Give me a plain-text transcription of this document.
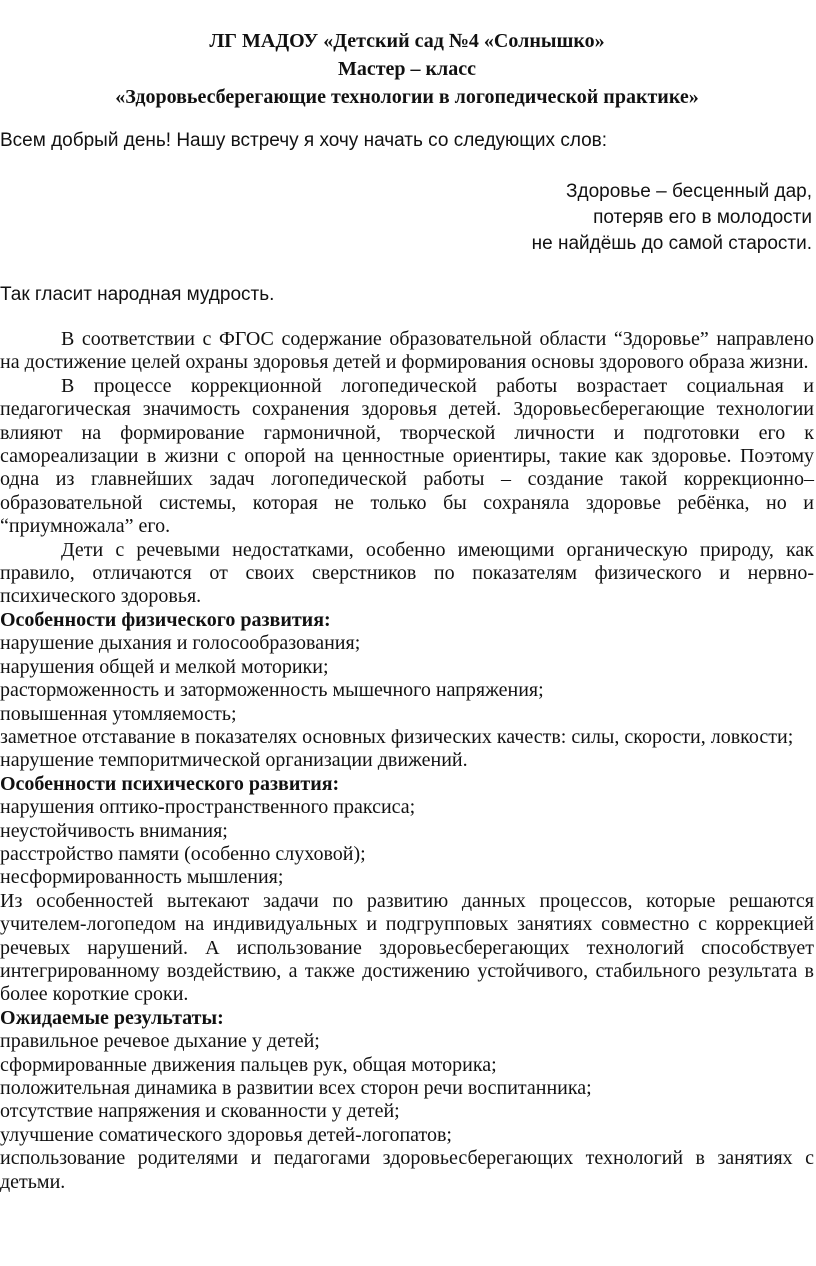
ЛГ МАДОУ «Детский сад №4 «Солнышко»
Мастер – класс
«Здоровьесберегающие технологии в логопедической практике»
Всем добрый день! Нашу встречу я хочу начать со следующих слов:
Здоровье – бесценный дар,
потеряв его в молодости
не найдёшь до самой старости.
Так гласит народная мудрость.

В соответствии с ФГОС содержание образовательной области “Здоровье” направлено на достижение целей охраны здоровья детей и формирования основы здорового образа жизни.

В процессе коррекционной логопедической работы возрастает социальная и педагогическая значимость сохранения здоровья детей. Здоровьесберегающие технологии влияют на формирование гармоничной, творческой личности и подготовки его к самореализации в жизни с опорой на ценностные ориентиры, такие как здоровье. Поэтому одна из главнейших задач логопедической работы – создание такой коррекционно–образовательной системы, которая не только бы сохраняла здоровье ребёнка, но и “приумножала” его.

Дети с речевыми недостатками, особенно имеющими органическую природу, как правило, отличаются от своих сверстников по показателям физического и нервно-психического здоровья.

Особенности физического развития:

нарушение дыхания и голосообразования;
нарушения общей и мелкой моторики;
расторможенность и заторможенность мышечного напряжения;
повышенная утомляемость;
заметное отставание в показателях основных физических качеств: силы, скорости, ловкости;
нарушение темпоритмической организации движений.

Особенности психического развития:

нарушения оптико-пространственного праксиса;
неустойчивость внимания;
расстройство памяти (особенно слуховой);
несформированность мышления;

Из особенностей вытекают задачи по развитию данных процессов, которые решаются учителем-логопедом на индивидуальных и подгрупповых занятиях совместно с коррекцией речевых нарушений. А использование здоровьесберегающих технологий способствует интегрированному воздействию, а также достижению устойчивого, стабильного результата в более короткие сроки.

Ожидаемые результаты:

правильное речевое дыхание у детей;
сформированные движения пальцев рук, общая моторика;
положительная динамика в развитии всех сторон речи воспитанника;
отсутствие напряжения и скованности у детей;
улучшение соматического здоровья детей-логопатов;
использование родителями и педагогами здоровьесберегающих технологий в занятиях с детьми.
